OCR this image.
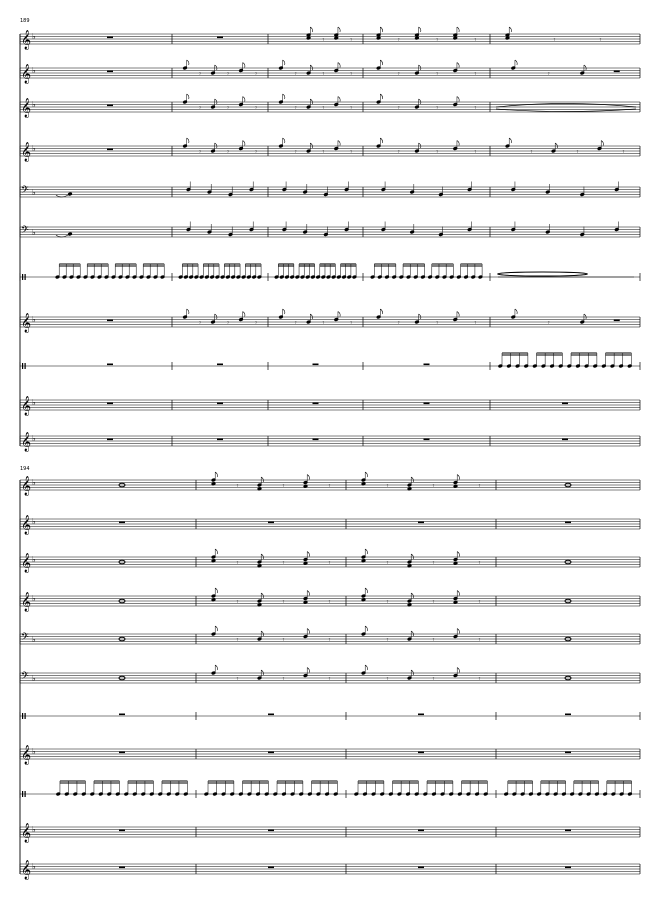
189
194
𝄞 ♭	𝄾	𝄾	𝄾	𝄾	𝄾	𝄾	𝄾
𝄞 ♭	𝄾	𝄾	𝄾	𝄾	𝄾	𝄾	𝄾	𝄾	𝄾	𝄾
𝄞 ♭	𝄾	𝄾	𝄾	𝄾	𝄾	𝄾	𝄾	𝄾	𝄾
𝄞 ♭	𝄾	𝄾	𝄾	𝄾	𝄾	𝄾	𝄾	𝄾	𝄾	𝄾	𝄾	𝄾
𝄢 ♭
𝄢 ♭
𝄞 ♭	𝄾	𝄾	𝄾	𝄾	𝄾	𝄾	𝄾	𝄾	𝄾	𝄾
𝄞 ♭
𝄞 ♭
𝄞 ♭	𝄾	𝄾	𝄾	𝄾	𝄾	𝄾
𝄞 ♭
𝄞 ♭	𝄾	𝄾	𝄾	𝄾	𝄾	𝄾
𝄞 ♭	𝄾	𝄾	𝄾	𝄾	𝄾	𝄾
𝄢 ♭	𝄾	𝄾	𝄾	𝄾	𝄾	𝄾
𝄢 ♭	𝄾	𝄾	𝄾	𝄾	𝄾	𝄾
𝄞 ♭
𝄞 ♭
𝄞 ♭
